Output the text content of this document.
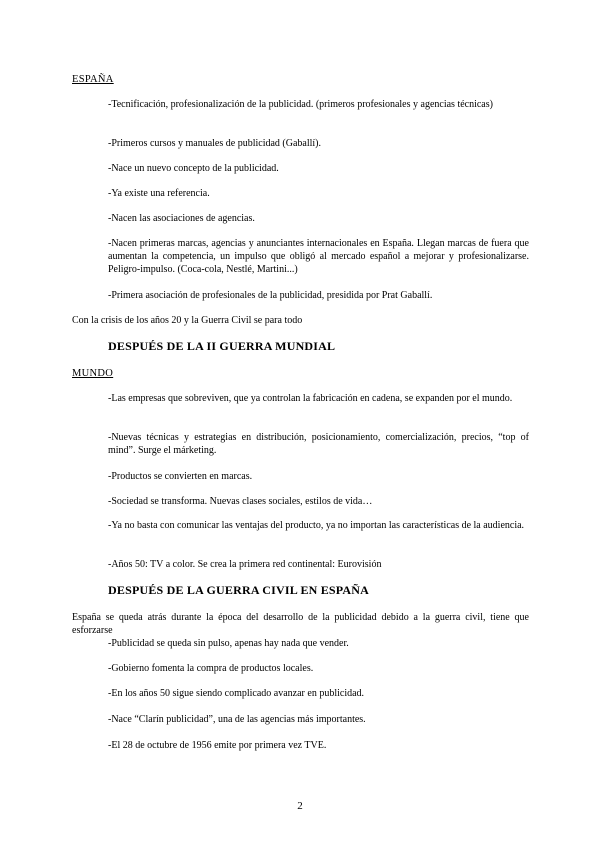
ESPAÑA
-Tecnificación, profesionalización de la publicidad. (primeros profesionales y agencias técnicas)
-Primeros cursos y manuales de publicidad (Gaballí).
-Nace un nuevo concepto de la publicidad.
-Ya existe una referencia.
-Nacen las asociaciones de agencias.
-Nacen primeras marcas, agencias y anunciantes internacionales en España. Llegan marcas de fuera que aumentan la competencia, un impulso que obligó al mercado español a mejorar y profesionalizarse. Peligro-impulso. (Coca-cola, Nestlé, Martini...)
-Primera asociación de profesionales de la publicidad, presidida por Prat Gaballí.
Con la crisis de los años 20 y la Guerra Civil se para todo
DESPUÉS DE LA II GUERRA MUNDIAL
MUNDO
-Las empresas que sobreviven, que ya controlan la fabricación en cadena, se expanden por el mundo.
-Nuevas técnicas y estrategias en distribución, posicionamiento, comercialización, precios, “top of mind”. Surge el márketing.
-Productos se convierten en marcas.
-Sociedad se transforma. Nuevas clases sociales, estilos de vida…
-Ya no basta con comunicar las ventajas del producto, ya no importan las características de la audiencia.
-Años 50: TV a color. Se crea la primera red continental: Eurovisión
DESPUÉS DE LA GUERRA CIVIL EN ESPAÑA
España se queda atrás durante la época del desarrollo de la publicidad debido a la guerra civil, tiene que esforzarse
-Publicidad se queda sin pulso, apenas hay nada que vender.
-Gobierno fomenta la compra de productos locales.
-En los años 50 sigue siendo complicado avanzar en publicidad.
-Nace “Clarín publicidad”, una de las agencias más importantes.
-El 28 de octubre de 1956 emite por primera vez TVE.
2
